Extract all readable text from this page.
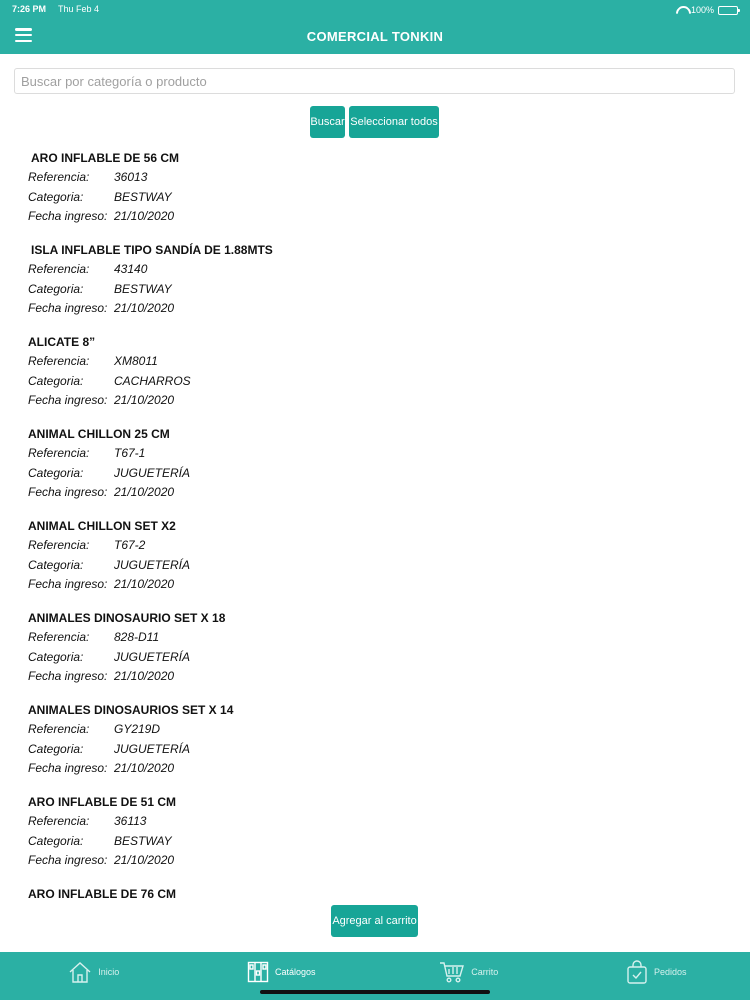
7:26 PM Thu Feb 4	100%
COMERCIAL TONKIN
Buscar por categoría o producto
Buscar Seleccionar todos
ARO INFLABLE DE 56 CM
Referencia:	36013
Categoria:	BESTWAY
Fecha ingreso: 21/10/2020
ISLA INFLABLE TIPO SANDÍA DE 1.88MTS
Referencia:	43140
Categoria:	BESTWAY
Fecha ingreso: 21/10/2020
ALICATE 8”
Referencia:	XM8011
Categoria:	CACHARROS
Fecha ingreso: 21/10/2020
ANIMAL CHILLON 25 CM
Referencia:	T67-1
Categoria:	JUGUETERÍA
Fecha ingreso: 21/10/2020
ANIMAL CHILLON SET X2
Referencia:	T67-2
Categoria:	JUGUETERÍA
Fecha ingreso: 21/10/2020
ANIMALES DINOSAURIO SET X 18
Referencia:	828-D11
Categoria:	JUGUETERÍA
Fecha ingreso: 21/10/2020
ANIMALES DINOSAURIOS SET X 14
Referencia:	GY219D
Categoria:	JUGUETERÍA
Fecha ingreso: 21/10/2020
ARO INFLABLE DE 51 CM
Referencia:	36113
Categoria:	BESTWAY
Fecha ingreso: 21/10/2020
ARO INFLABLE DE 76 CM
Agregar al carrito
Inicio	Catálogos	Carrito	Pedidos
